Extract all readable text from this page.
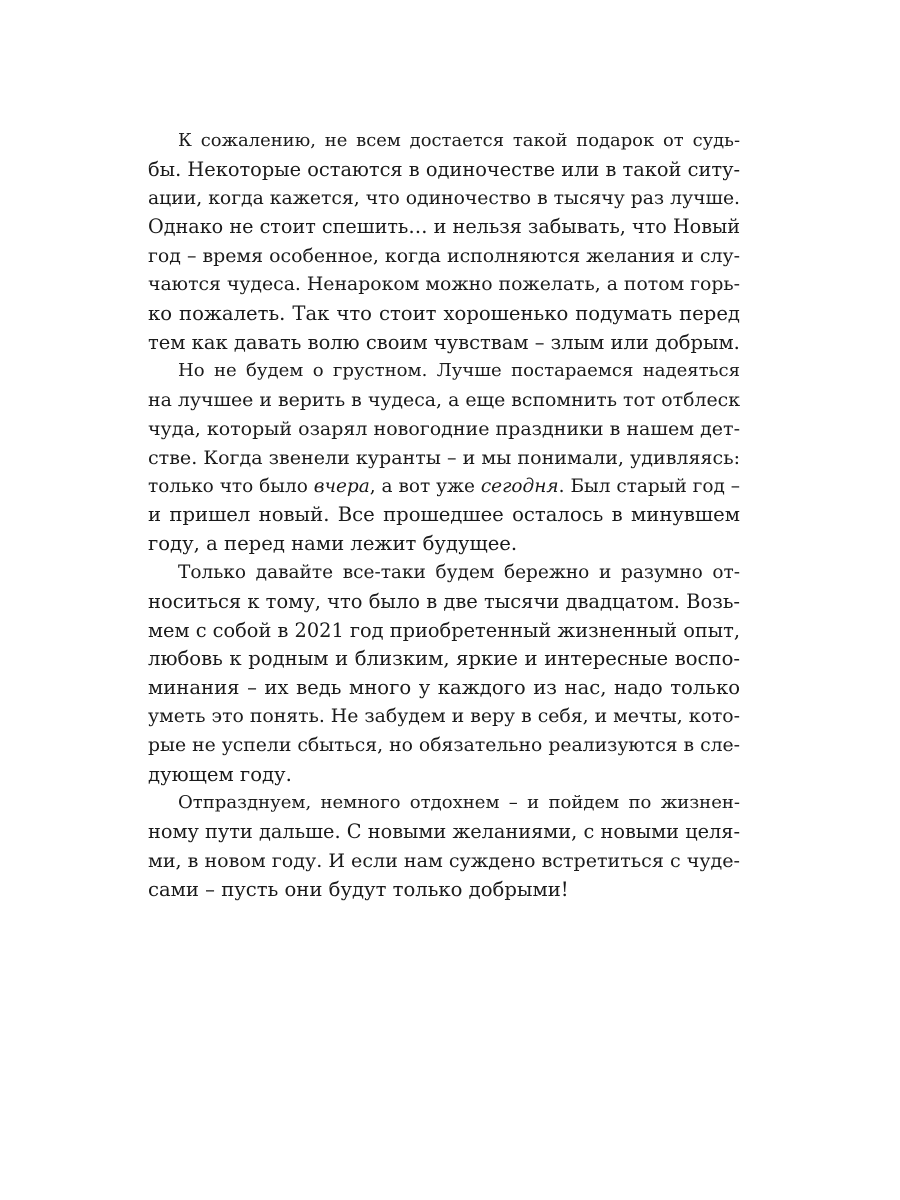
К сожалению, не всем достается такой подарок от судь-
бы. Некоторые остаются в одиночестве или в такой ситу-
ации, когда кажется, что одиночество в тысячу раз лучше.
Однако не стоит спешить… и нельзя забывать, что Новый
год – время особенное, когда исполняются желания и слу-
чаются чудеса. Ненароком можно пожелать, а потом горь-
ко пожалеть. Так что стоит хорошенько подумать перед
тем как давать волю своим чувствам – злым или добрым.

Но не будем о грустном. Лучше постараемся надеяться
на лучшее и верить в чудеса, а еще вспомнить тот отблеск
чуда, который озарял новогодние праздники в нашем дет-
стве. Когда звенели куранты – и мы понимали, удивляясь:
только что было вчера, а вот уже сегодня. Был старый год –
и пришел новый. Все прошедшее осталось в минувшем
году, а перед нами лежит будущее.

Только давайте все-таки будем бережно и разумно от-
носиться к тому, что было в две тысячи двадцатом. Возь-
мем с собой в 2021 год приобретенный жизненный опыт,
любовь к родным и близким, яркие и интересные воспо-
минания – их ведь много у каждого из нас, надо только
уметь это понять. Не забудем и веру в себя, и мечты, кото-
рые не успели сбыться, но обязательно реализуются в сле-
дующем году.

Отпразднуем, немного отдохнем – и пойдем по жизнен-
ному пути дальше. С новыми желаниями, с новыми целя-
ми, в новом году. И если нам суждено встретиться с чуде-
сами – пусть они будут только добрыми!
